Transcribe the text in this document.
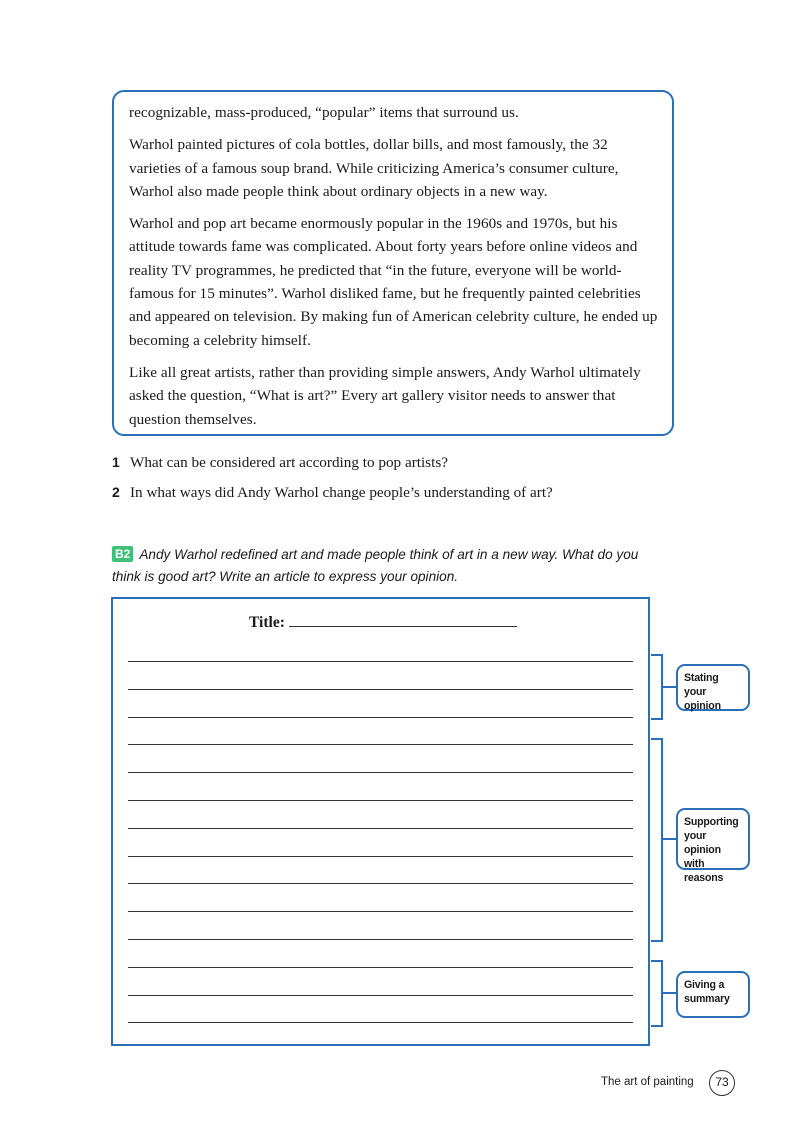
recognizable, mass-produced, “popular” items that surround us.

Warhol painted pictures of cola bottles, dollar bills, and most famously, the 32 varieties of a famous soup brand. While criticizing America’s consumer culture, Warhol also made people think about ordinary objects in a new way.

Warhol and pop art became enormously popular in the 1960s and 1970s, but his attitude towards fame was complicated. About forty years before online videos and reality TV programmes, he predicted that “in the future, everyone will be world-famous for 15 minutes”. Warhol disliked fame, but he frequently painted celebrities and appeared on television. By making fun of American celebrity culture, he ended up becoming a celebrity himself.

Like all great artists, rather than providing simple answers, Andy Warhol ultimately asked the question, “What is art?” Every art gallery visitor needs to answer that question themselves.

1 What can be considered art according to pop artists?
2 In what ways did Andy Warhol change people’s understanding of art?
B2 Andy Warhol redefined art and made people think of art in a new way. What do you
think is good art? Write an article to express your opinion.
Title:
Stating your opinion
Supporting your opinion with reasons
Giving a summary
The art of painting	73
